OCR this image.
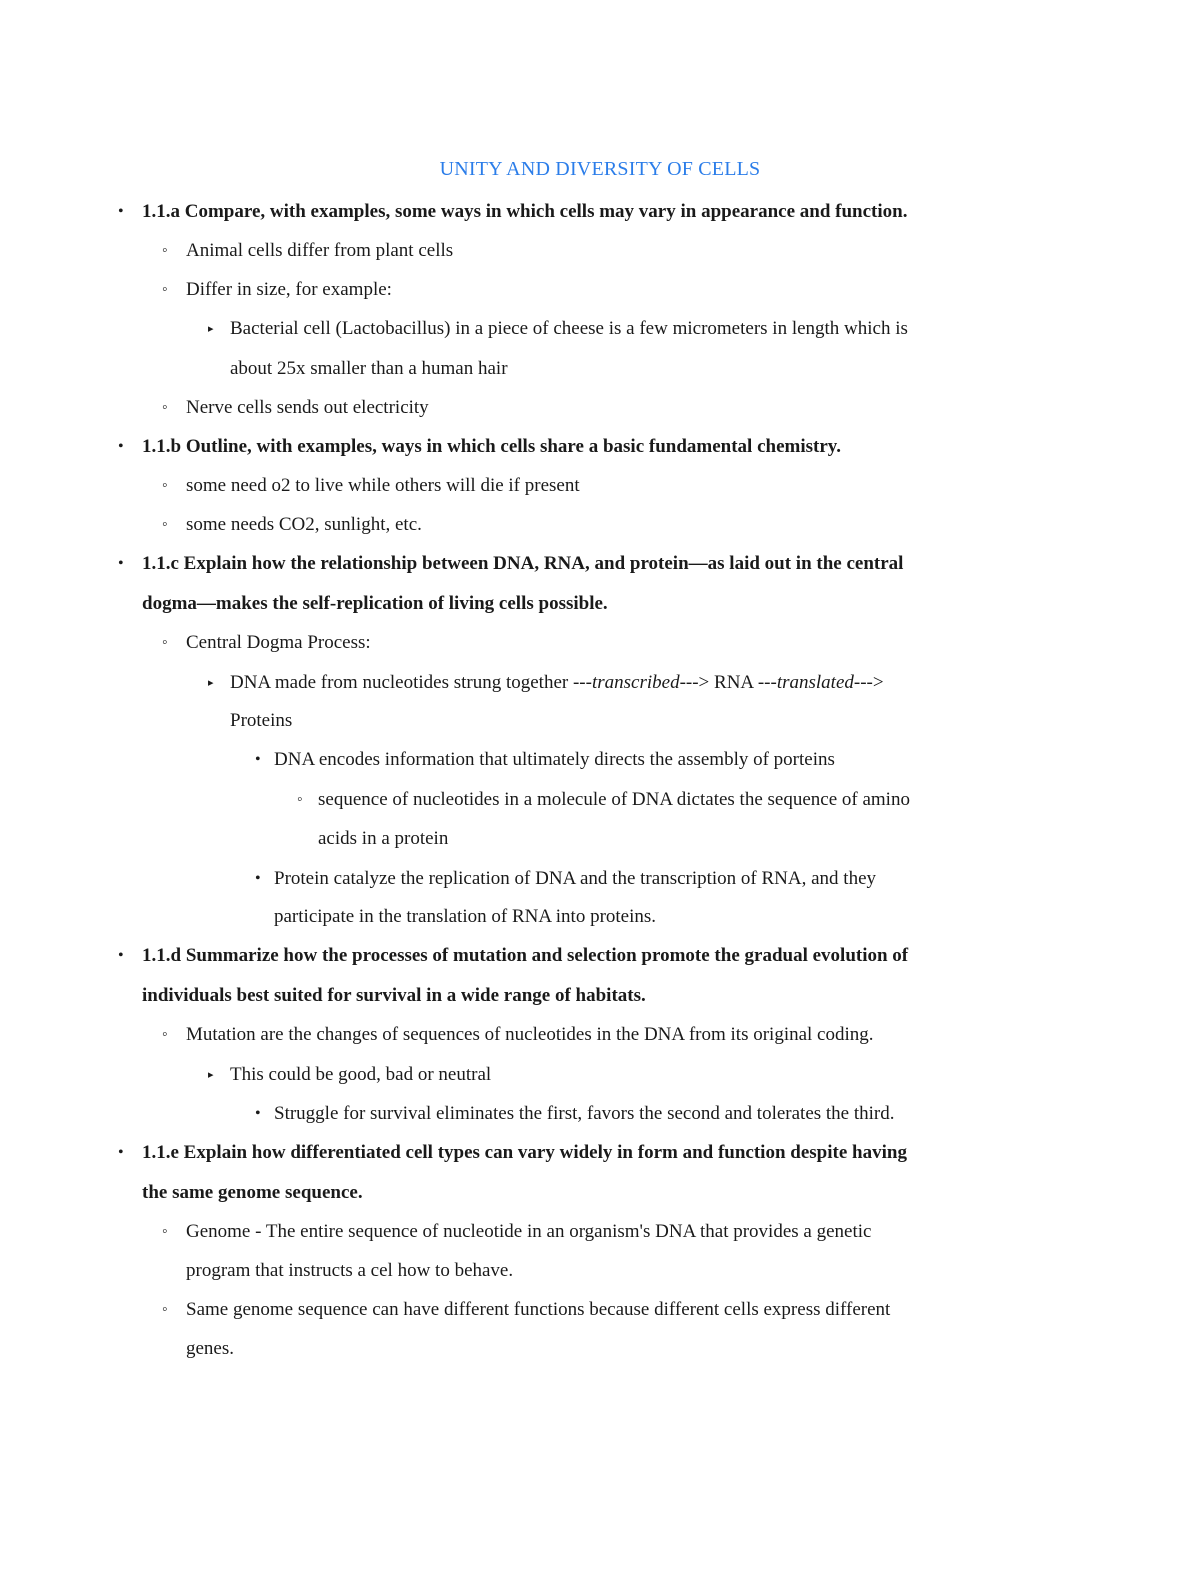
UNITY AND DIVERSITY OF CELLS
• 1.1.a Compare, with examples, some ways in which cells may vary in appearance and function.
◦ Animal cells differ from plant cells
◦ Differ in size, for example:
▸ Bacterial cell (Lactobacillus) in a piece of cheese is a few micrometers in length which is
about 25x smaller than a human hair
◦ Nerve cells sends out electricity
• 1.1.b Outline, with examples, ways in which cells share a basic fundamental chemistry.
◦ some need o2 to live while others will die if present
◦ some needs CO2, sunlight, etc.
• 1.1.c Explain how the relationship between DNA, RNA, and protein—as laid out in the central
dogma—makes the self-replication of living cells possible.
◦ Central Dogma Process:
▸ DNA made from nucleotides strung together ---transcribed---> RNA ---translated--->
Proteins
• DNA encodes information that ultimately directs the assembly of porteins
◦ sequence of nucleotides in a molecule of DNA dictates the sequence of amino
acids in a protein
• Protein catalyze the replication of DNA and the transcription of RNA, and they
participate in the translation of RNA into proteins.
• 1.1.d Summarize how the processes of mutation and selection promote the gradual evolution of
individuals best suited for survival in a wide range of habitats.
◦ Mutation are the changes of sequences of nucleotides in the DNA from its original coding.
▸ This could be good, bad or neutral
• Struggle for survival eliminates the first, favors the second and tolerates the third.
• 1.1.e Explain how differentiated cell types can vary widely in form and function despite having
the same genome sequence.
◦ Genome - The entire sequence of nucleotide in an organism's DNA that provides a genetic
program that instructs a cel how to behave.
◦ Same genome sequence can have different functions because different cells express different
genes.
